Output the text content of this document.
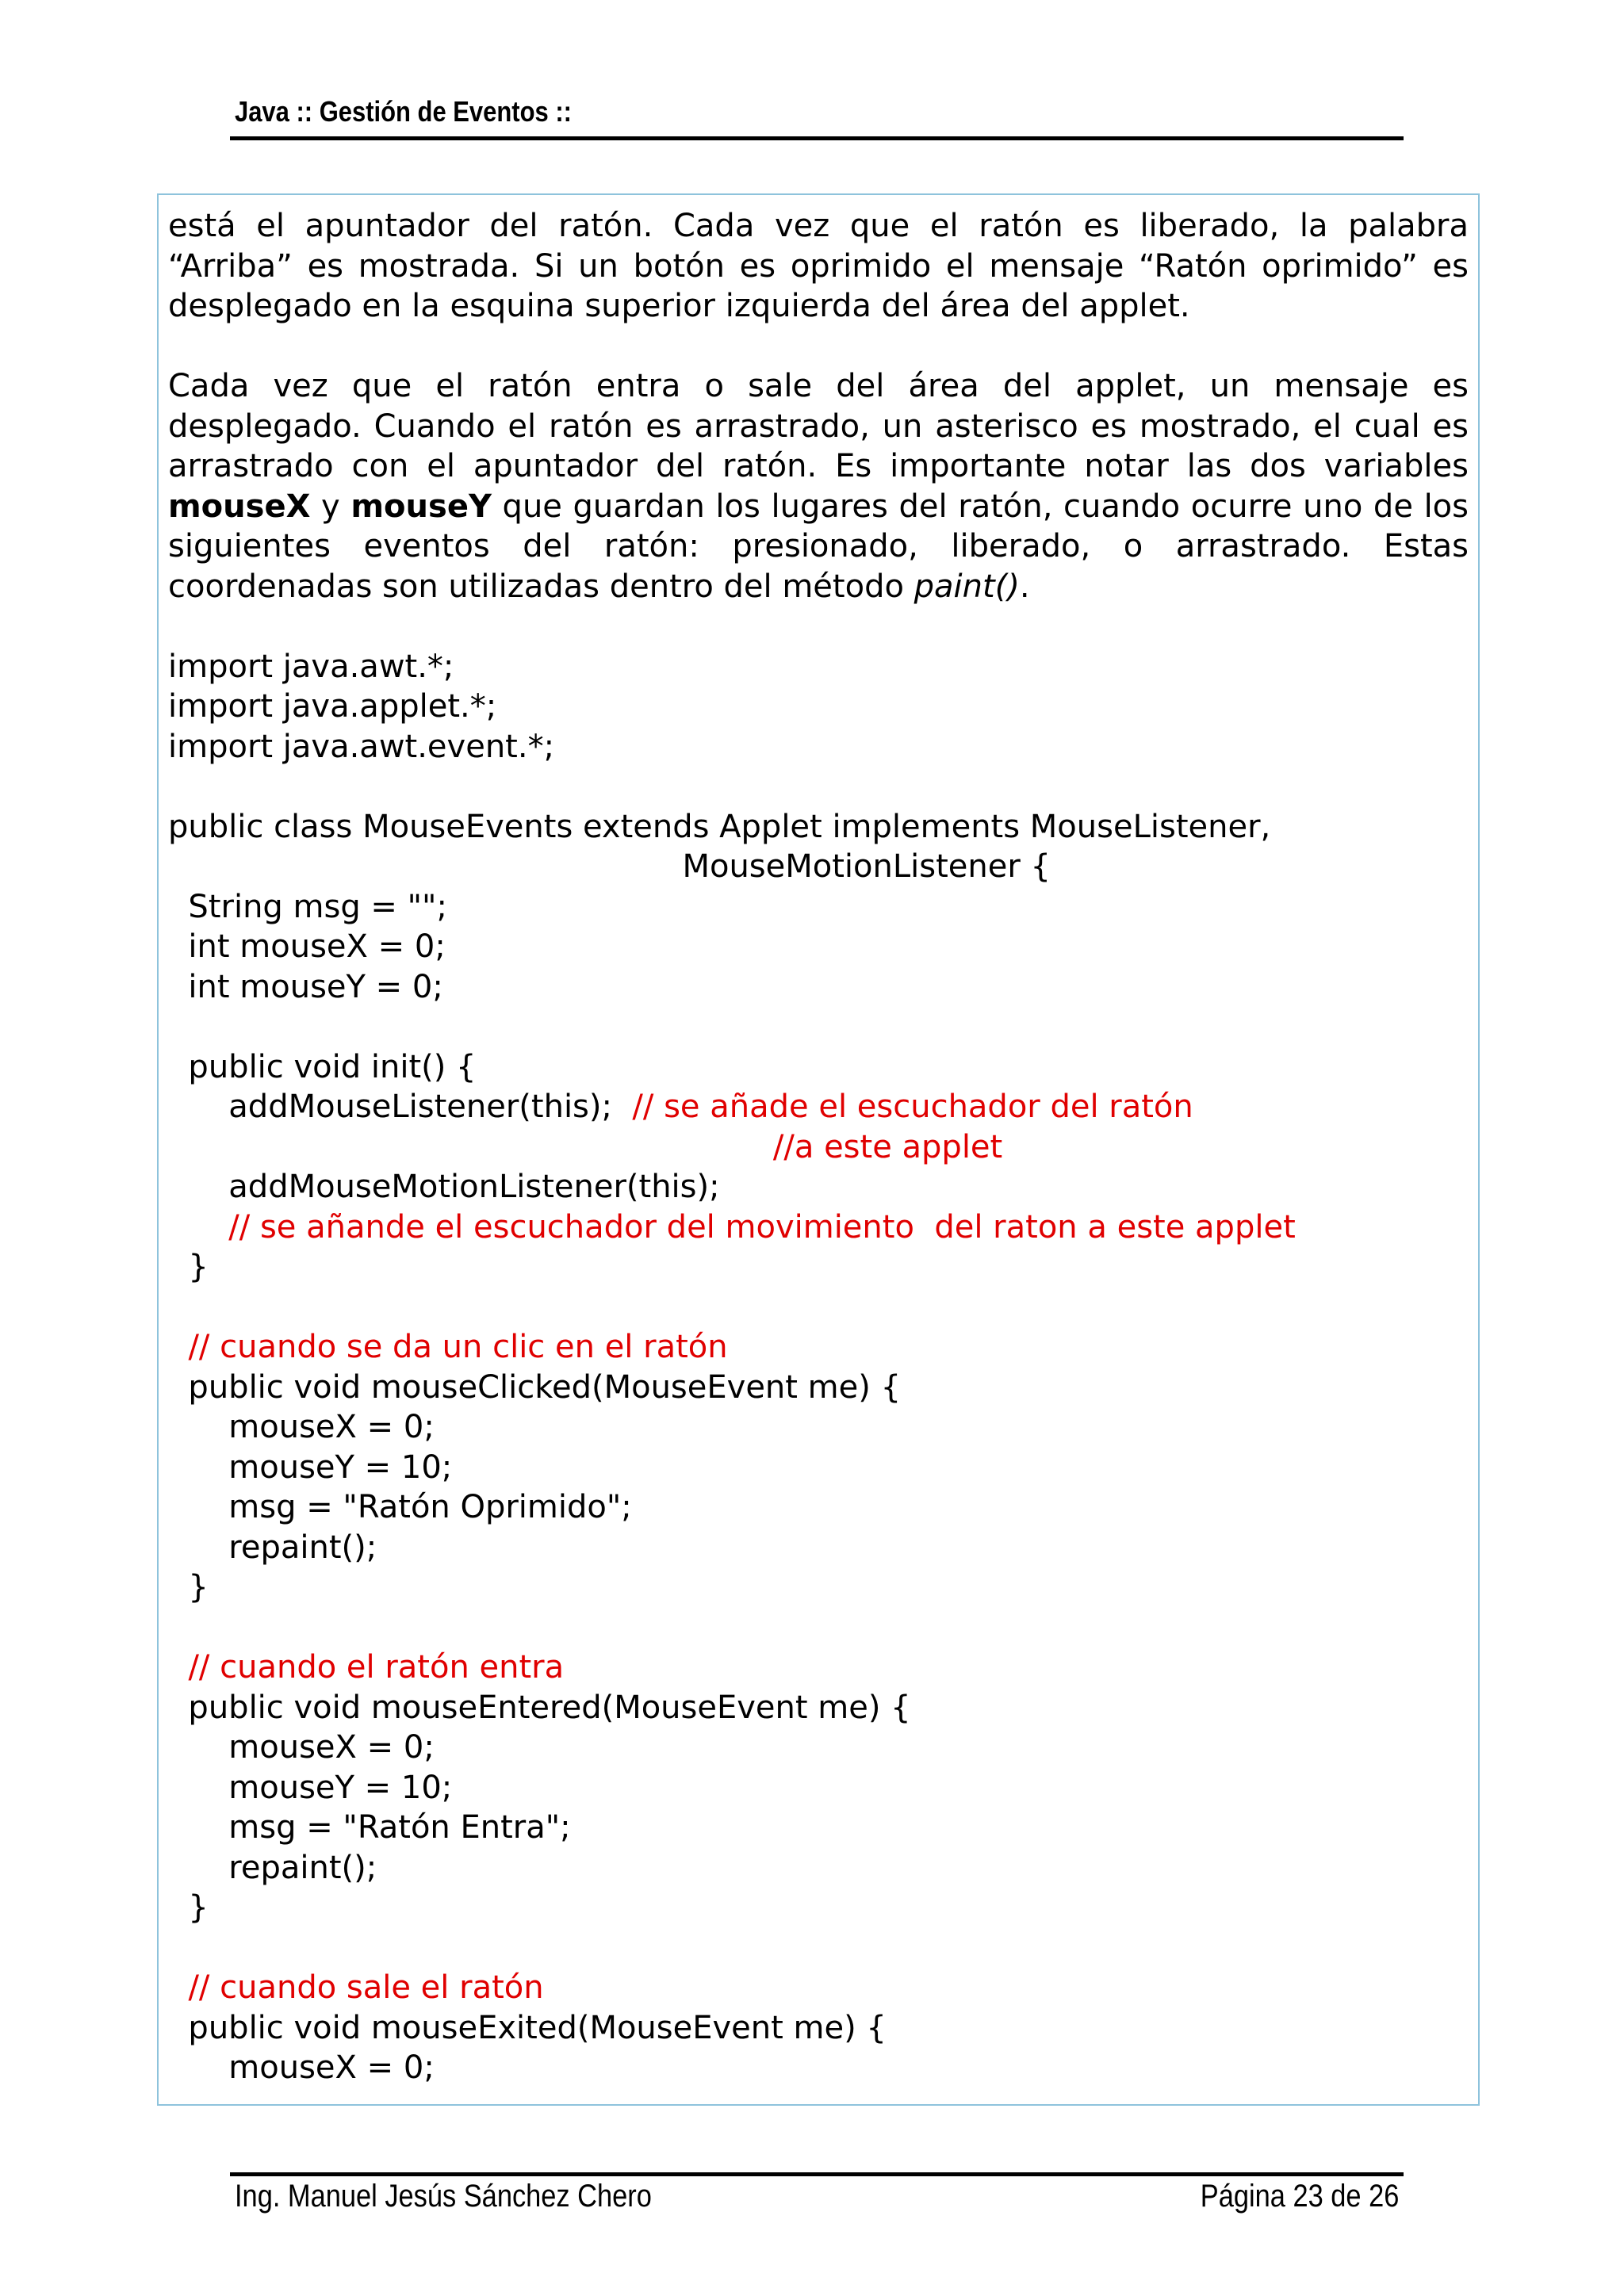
Java :: Gestión de Eventos ::

está el apuntador del ratón. Cada vez que el ratón es liberado, la palabra “Arriba” es mostrada. Si un botón es oprimido el mensaje “Ratón oprimido” es desplegado en la esquina superior izquierda del área del applet.

Cada vez que el ratón entra o sale del área del applet, un mensaje es desplegado. Cuando el ratón es arrastrado, un asterisco es mostrado, el cual es arrastrado con el apuntador del ratón. Es importante notar las dos variables mouseX y mouseY que guardan los lugares del ratón, cuando ocurre uno de los siguientes eventos del ratón: presionado, liberado, o arrastrado. Estas coordenadas son utilizadas dentro del método paint().

import java.awt.*;
import java.applet.*;
import java.awt.event.*;
public class MouseEvents extends Applet implements MouseListener,
MouseMotionListener {
String msg = "";
int mouseX = 0;
int mouseY = 0;
public void init() {
addMouseListener(this);  // se añade el escuchador del ratón
//a este applet
addMouseMotionListener(this);
// se añande el escuchador del movimiento  del raton a este applet
}
// cuando se da un clic en el ratón
public void mouseClicked(MouseEvent me) {
mouseX = 0;
mouseY = 10;
msg = "Ratón Oprimido";
repaint();
}
// cuando el ratón entra
public void mouseEntered(MouseEvent me) {
mouseX = 0;
mouseY = 10;
msg = "Ratón Entra";
repaint();
}
// cuando sale el ratón
public void mouseExited(MouseEvent me) {
mouseX = 0;
Ing. Manuel Jesús Sánchez Chero	Página 23 de 26
